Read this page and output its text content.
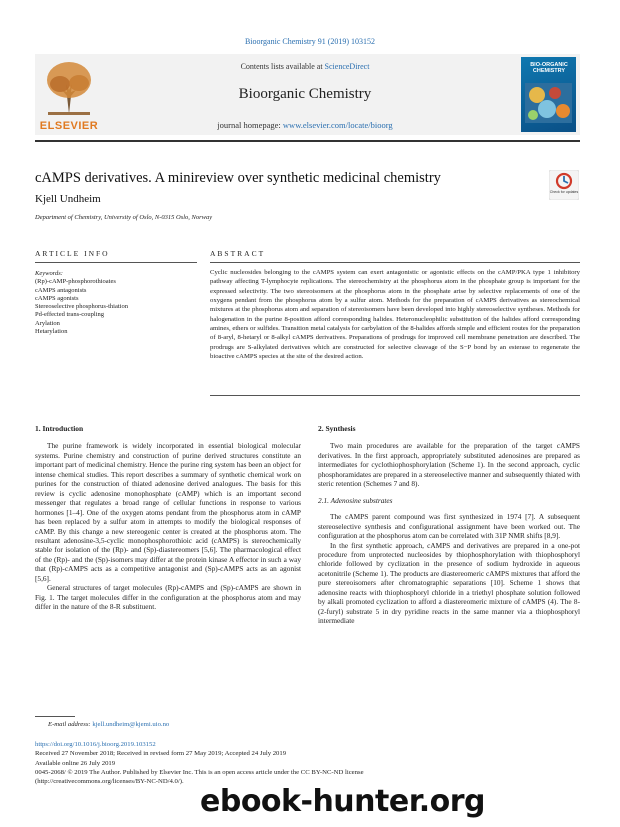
Bioorganic Chemistry 91 (2019) 103152
ELSEVIER
Contents lists available at ScienceDirect
Bioorganic Chemistry
journal homepage: www.elsevier.com/locate/bioorg
BIO-ORGANIC CHEMISTRY
cAMPS derivatives. A minireview over synthetic medicinal chemistry
Check for updates
Kjell Undheim
Department of Chemistry, University of Oslo, N-0315 Oslo, Norway
ARTICLE INFO	ABSTRACT
Keywords:
(Rp)-cAMP-phosphorothioates
cAMPS antagonists
cAMPS agonists
Stereoselective phosphorus-thiation
Pd-effected trans-coupling
Arylation
Hetarylation
Cyclic nucleosides belonging to the cAMPS system can exert antagonistic or agonistic effects on the cAMP/PKA type 1 inhibitory pathway affecting T-lymphocyte replications. The stereochemistry at the phosphorus atom in the phosphate group is important for the expressed selectivity. The two stereoisomers at the phosphorus atom in the phosphate arise by selective replacements of one of the oxygens pendant from the phosphorus atom by a sulfur atom. Methods for the preparation of cAMPS derivatives as stereochemical mixtures at the phosphorus atom and separation of stereoisomers have been developed into highly stereoselective syntheses. Methods for halogenation in the purine 8-position afford corresponding halides. Heteronucleophilic substitution of the halides afford corresponding amines, ethers or sulfides. Transition metal catalysis for carbylation of the 8-halides affords simple and efficient routes for the preparation of 8-aryl, 8-hetaryl or 8-alkyl cAMPS derivatives. Preparations of prodrugs for improved cell membrane penetration are described. The prodrugs are S-alkylated derivatives which are constructed for selective cleavage of the S−P bond by an esterase to regenerate the bioactive cAMPS species at the site of the desired action.

1. Introduction

The purine framework is widely incorporated in essential biological molecular systems. Purine chemistry and construction of purine derived structures constitute an important part of medicinal chemistry. Hence the purine ring system has been an object for intense chemical studies. This report describes a summary of synthetic chemical work on purines for the construction of thiated adenosine derived analogues. The basis for this review is cyclic adenosine monophosphate (cAMP) which is an important second messenger that regulates a broad range of cellular functions in response to various hormones [1–4]. One of the oxygen atoms pendant from the phosphorus atom in cAMP has been replaced by a sulfur atom in attempts to modify the biological responses of cAMP. By this change a new stereogenic center is created at the phosphorus atom. The resultant adenosine-3,5-cyclic monophosphorothioic acid (cAMPS) is stereochemically stable for isolation of the (Rp)- and (Sp)-diastereomers [5,6]. The pharmacological effect of the (Rp)- and the (Sp)-isomers may differ at the protein kinase A effector in such a way that (Rp)-cAMPS acts as a competitive antagonist and (Sp)-cAMPS acts as an agonist [5,6].

General structures of target molecules (Rp)-cAMPS and (Sp)-cAMPS are shown in Fig. 1. The target molecules differ in the configuration at the phosphorus atom and may differ in the nature of the 8-R substituent.

2. Synthesis

Two main procedures are available for the preparation of the target cAMPS derivatives. In the first approach, appropriately substituted adenosines are prepared as intermediates for cyclothiophosphorylation (Scheme 1). In the second approach, cyclic phosphoramidates are prepared in a stereoselective manner and subsequently thiated with steric retention (Schemes 7 and 8).

2.1. Adenosine substrates

The cAMPS parent compound was first synthesized in 1974 [7]. A subsequent stereoselective synthesis and configurational assignment have been worked out. The configuration at the phosphorus atom can be correlated with 31P NMR shifts [8,9].

In the first synthetic approach, cAMPS and derivatives are prepared in a one-pot procedure from unprotected nucleosides by thiophosphorylation with thiophosphoryl chloride followed by cyclization in the presence of sodium hydroxide in aqueous acetonitrile (Scheme 1). The products are diastereomeric cAMPS mixtures that afford the pure stereoisomers after chromatographic separations [10]. Scheme 1 shows that adenosine reacts with thiophosphoryl chloride in a triethyl phosphate solution followed by alkali promoted cyclization to afford a diastereomeric mixture of cAMPS (4). The 8-(2-furyl) substrate 5 in dry pyridine reacts in the same manner via a thiophosphoryl intermediate

E-mail address: kjell.undheim@kjemi.uio.no
https://doi.org/10.1016/j.bioorg.2019.103152
Received 27 November 2018; Received in revised form 27 May 2019; Accepted 24 July 2019
Available online 26 July 2019
0045-2068/ © 2019 The Author. Published by Elsevier Inc. This is an open access article under the CC BY-NC-ND license
(http://creativecommons.org/licenses/BY-NC-ND/4.0/).
ebook-hunter.org
